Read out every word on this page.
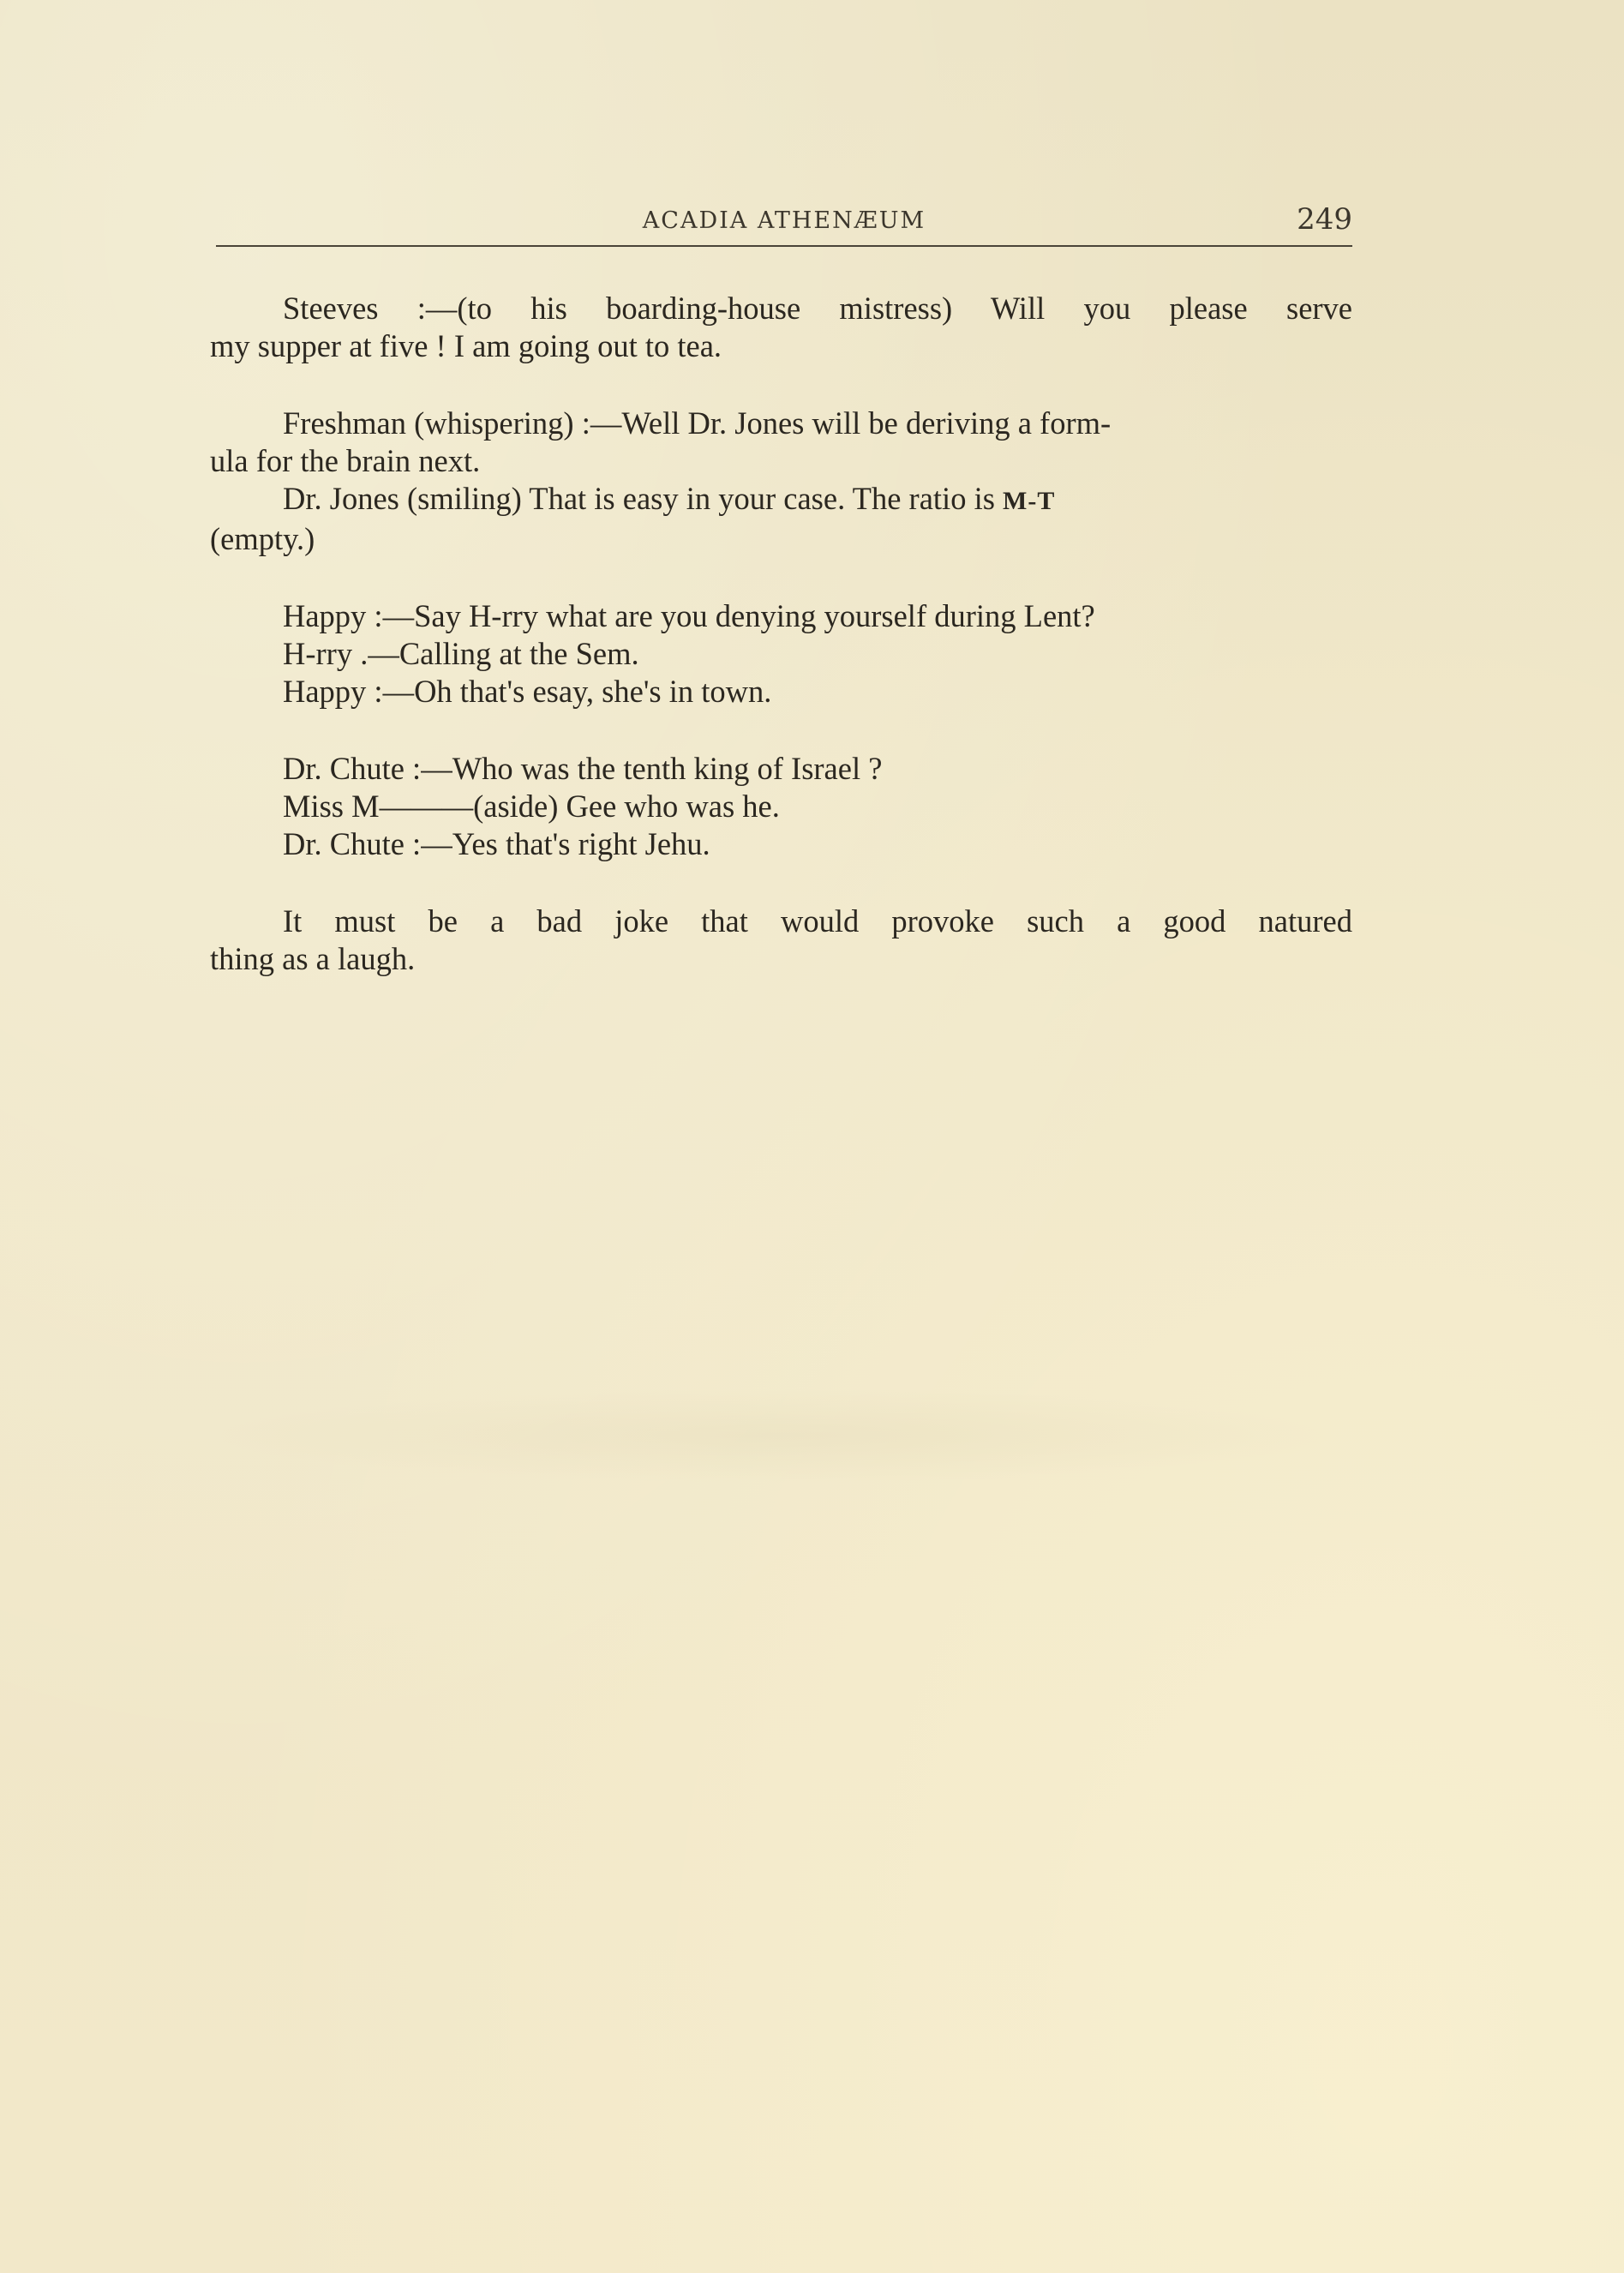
ACADIA ATHENÆUM	249
Steeves :—(to his boarding-house mistress) Will you please serve
my supper at five ! I am going out to tea.
Freshman (whispering) :—Well Dr. Jones will be deriving a form-
ula for the brain next.
Dr. Jones (smiling) That is easy in your case. The ratio is M-T
(empty.)
Happy :—Say H-rry what are you denying yourself during Lent?
H-rry .—Calling at the Sem.
Happy :—Oh that's esay, she's in town.
Dr. Chute :—Who was the tenth king of Israel ?
Miss M———(aside) Gee who was he.
Dr. Chute :—Yes that's right Jehu.
It must be a bad joke that would provoke such a good natured
thing as a laugh.
